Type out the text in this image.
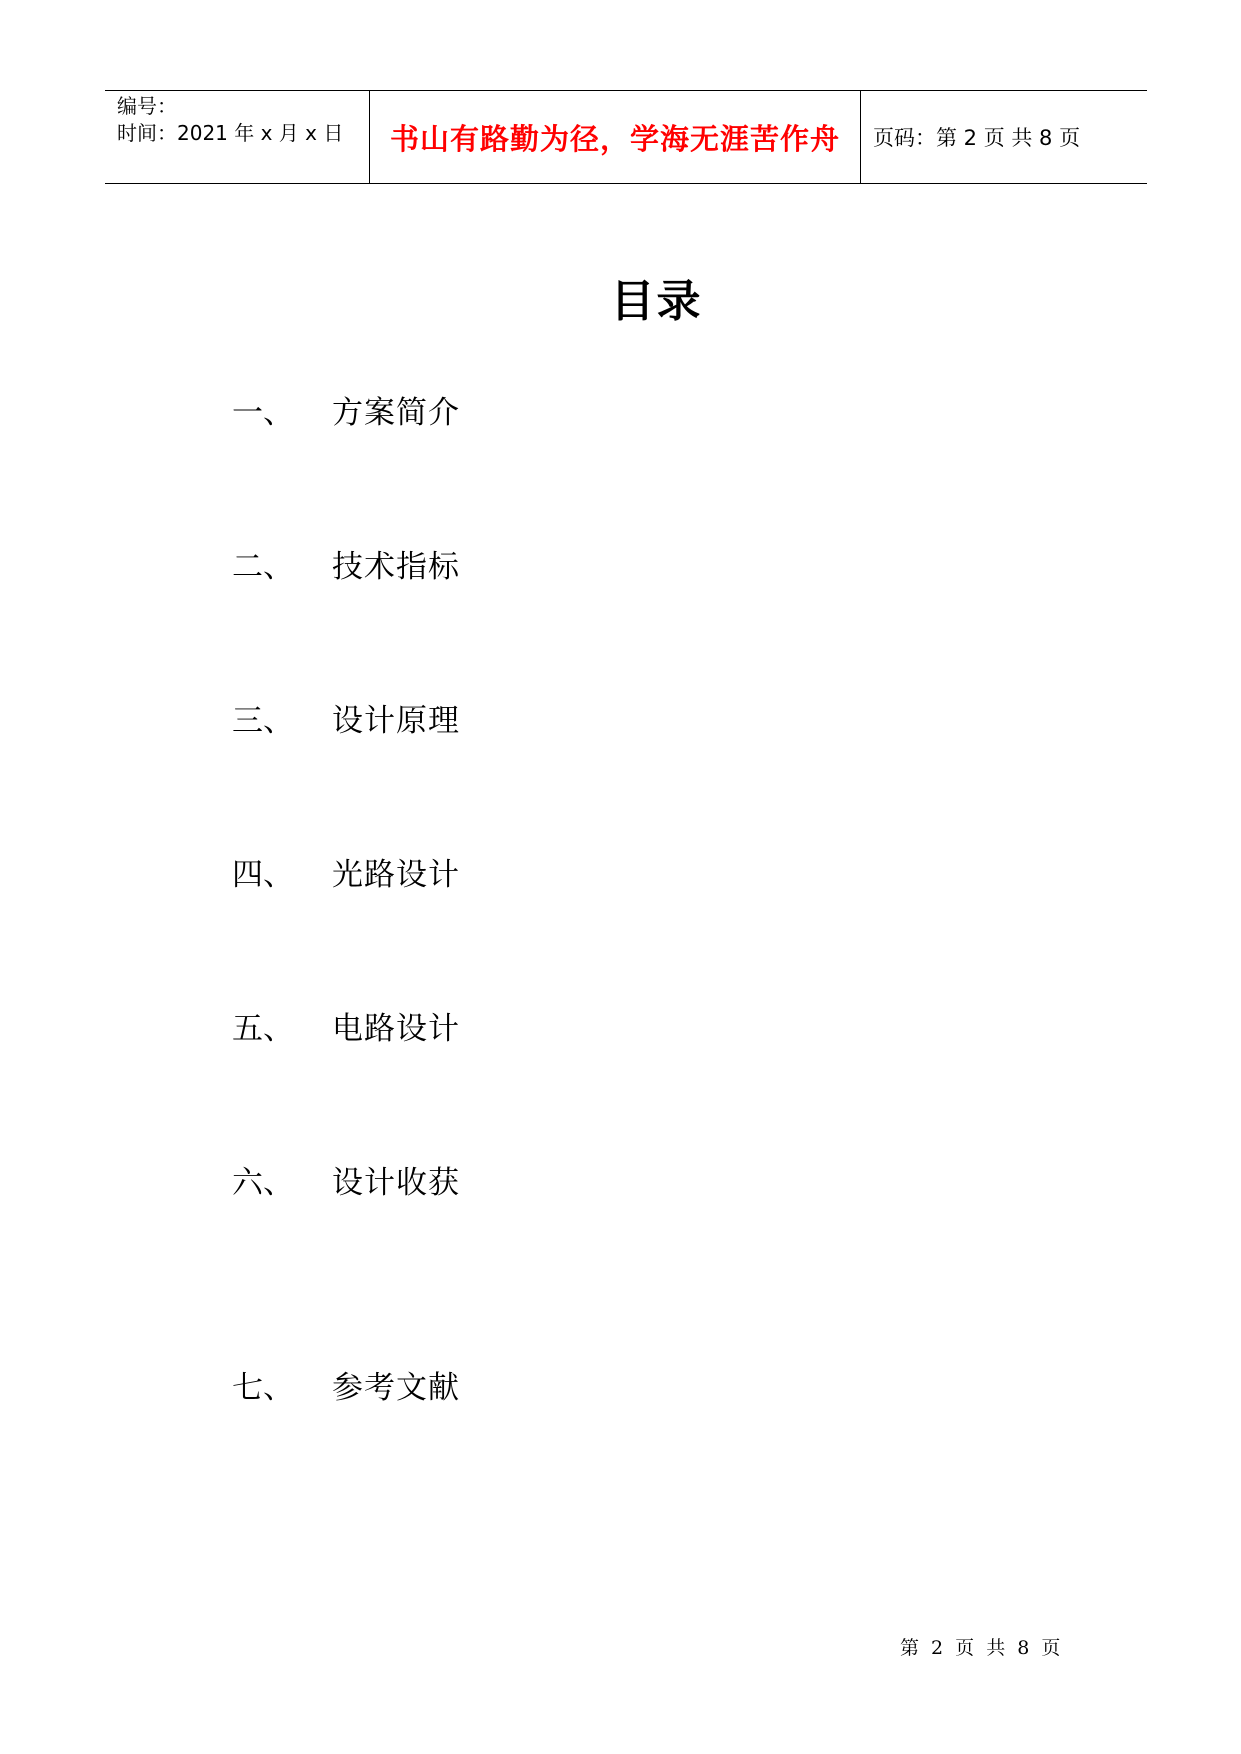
编号：
时间：2021 年 x 月 x 日 书山有路勤为径，学海无涯苦作舟 页码：第 2 页 共 8 页
目录
一、	方案简介
二、	技术指标
三、	设计原理
四、	光路设计
五、	电路设计
六、	设计收获
七、	参考文献
第 2 页 共 8 页
